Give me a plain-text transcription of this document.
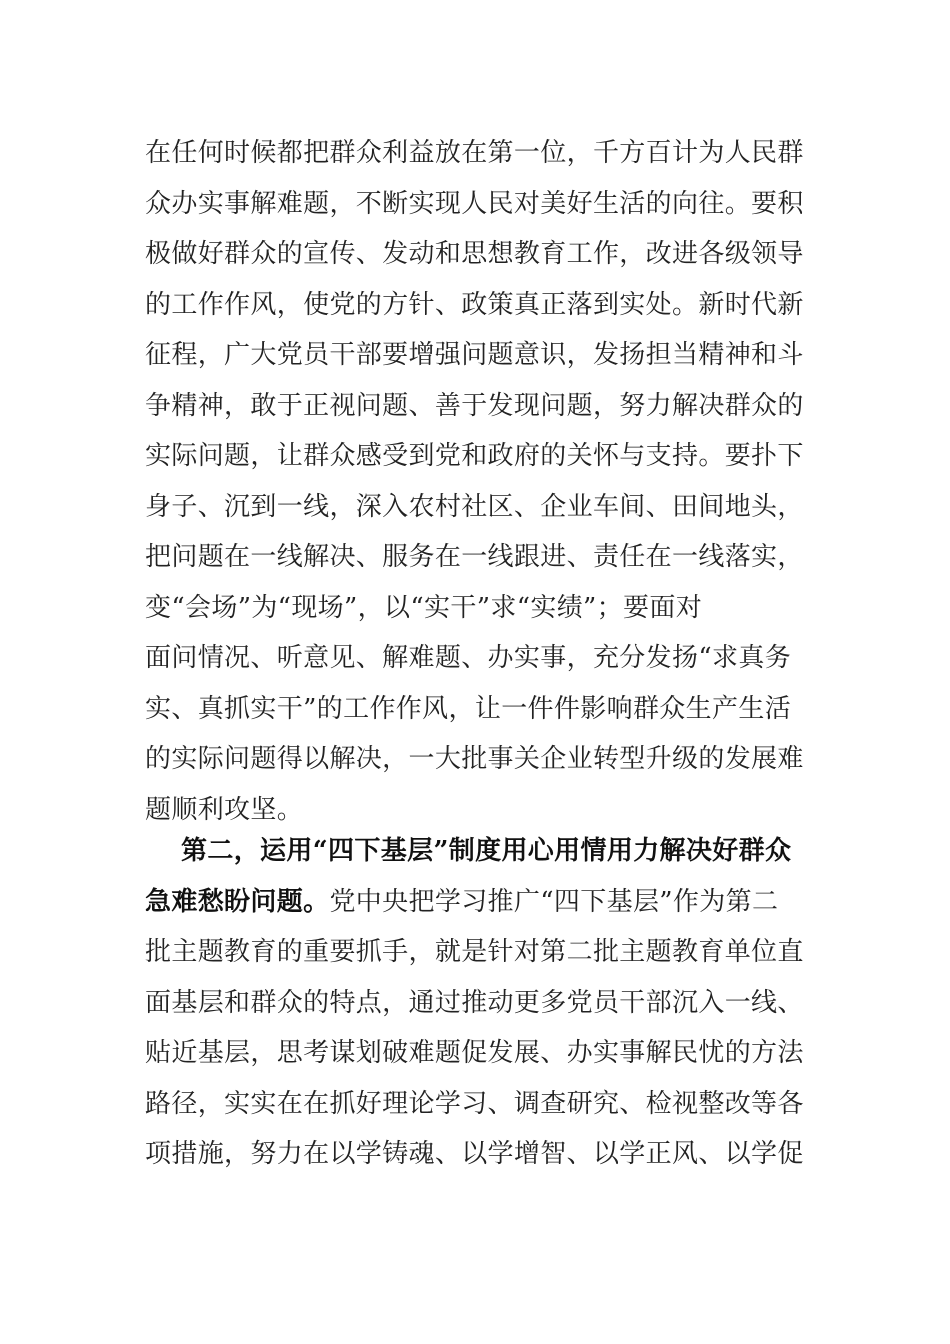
在任何时候都把群众利益放在第一位，千方百计为人民群
众办实事解难题，不断实现人民对美好生活的向往。要积
极做好群众的宣传、发动和思想教育工作，改进各级领导
的工作作风，使党的方针、政策真正落到实处。新时代新
征程，广大党员干部要增强问题意识，发扬担当精神和斗
争精神，敢于正视问题、善于发现问题，努力解决群众的
实际问题，让群众感受到党和政府的关怀与支持。要扑下
身子、沉到一线，深入农村社区、企业车间、田间地头，
把问题在一线解决、服务在一线跟进、责任在一线落实，
变“会场”为“现场”，以“实干”求“实绩”；要面对
面问情况、听意见、解难题、办实事，充分发扬“求真务
实、真抓实干”的工作作风，让一件件影响群众生产生活
的实际问题得以解决，一大批事关企业转型升级的发展难
题顺利攻坚。
第二，运用“四下基层”制度用心用情用力解决好群众
急难愁盼问题。党中央把学习推广“四下基层”作为第二
批主题教育的重要抓手，就是针对第二批主题教育单位直
面基层和群众的特点，通过推动更多党员干部沉入一线、
贴近基层，思考谋划破难题促发展、办实事解民忧的方法
路径，实实在在抓好理论学习、调查研究、检视整改等各
项措施，努力在以学铸魂、以学增智、以学正风、以学促
